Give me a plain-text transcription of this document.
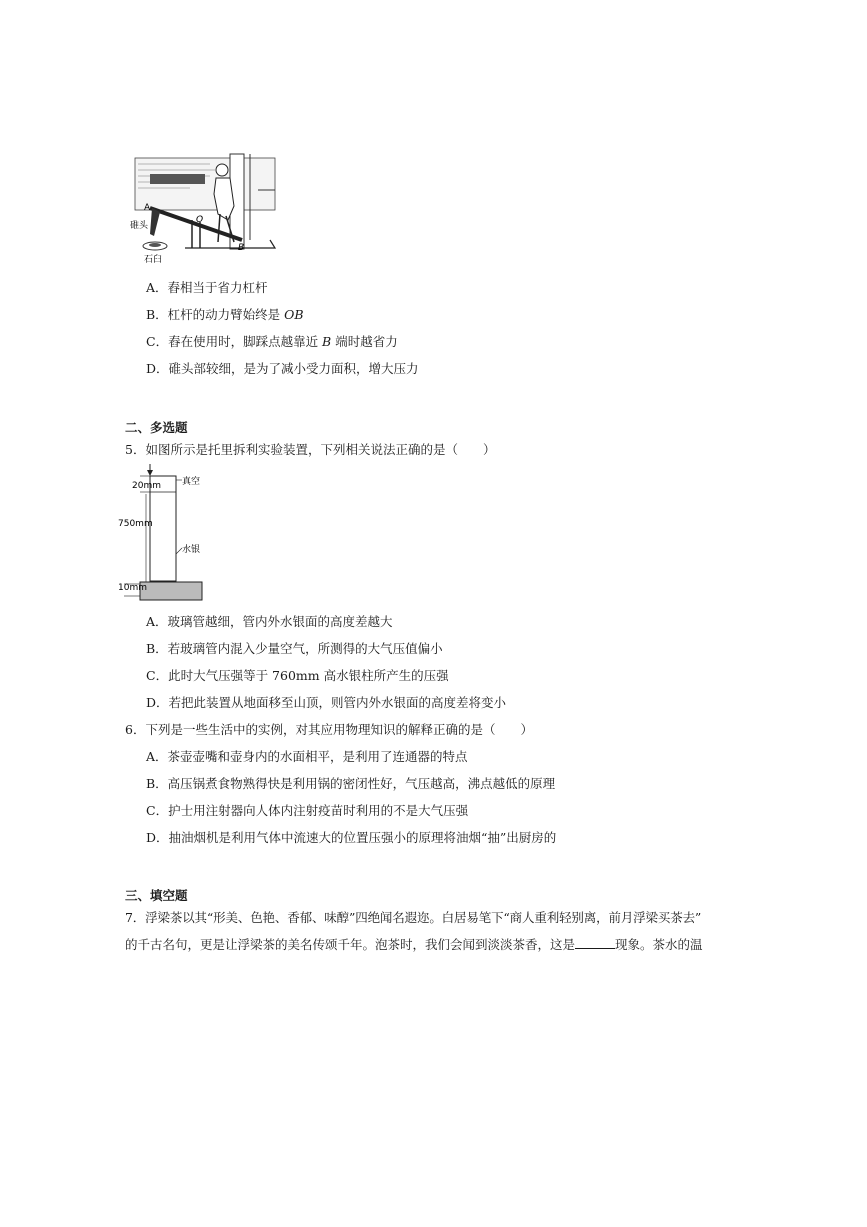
A
O
B
碓头
石臼
A．舂相当于省力杠杆
B．杠杆的动力臂始终是 OB
C．舂在使用时，脚踩点越靠近 B 端时越省力
D．碓头部较细，是为了减小受力面积，增大压力
二、多选题
5．如图所示是托里拆利实验装置，下列相关说法正确的是（　　）
20mm
750mm
10mm
真空
水银
A．玻璃管越细，管内外水银面的高度差越大
B．若玻璃管内混入少量空气，所测得的大气压值偏小
C．此时大气压强等于 760mm 高水银柱所产生的压强
D．若把此装置从地面移至山顶，则管内外水银面的高度差将变小
6．下列是一些生活中的实例，对其应用物理知识的解释正确的是（　　）
A．茶壶壶嘴和壶身内的水面相平，是利用了连通器的特点
B．高压锅煮食物熟得快是利用锅的密闭性好，气压越高，沸点越低的原理
C．护士用注射器向人体内注射疫苗时利用的不是大气压强
D．抽油烟机是利用气体中流速大的位置压强小的原理将油烟“抽”出厨房的
三、填空题
7．浮梁茶以其“形美、色艳、香郁、味醇”四绝闻名遐迩。白居易笔下“商人重利轻别离，前月浮梁买茶去”
的千古名句，更是让浮梁茶的美名传颂千年。泡茶时，我们会闻到淡淡茶香，这是	现象。茶水的温
